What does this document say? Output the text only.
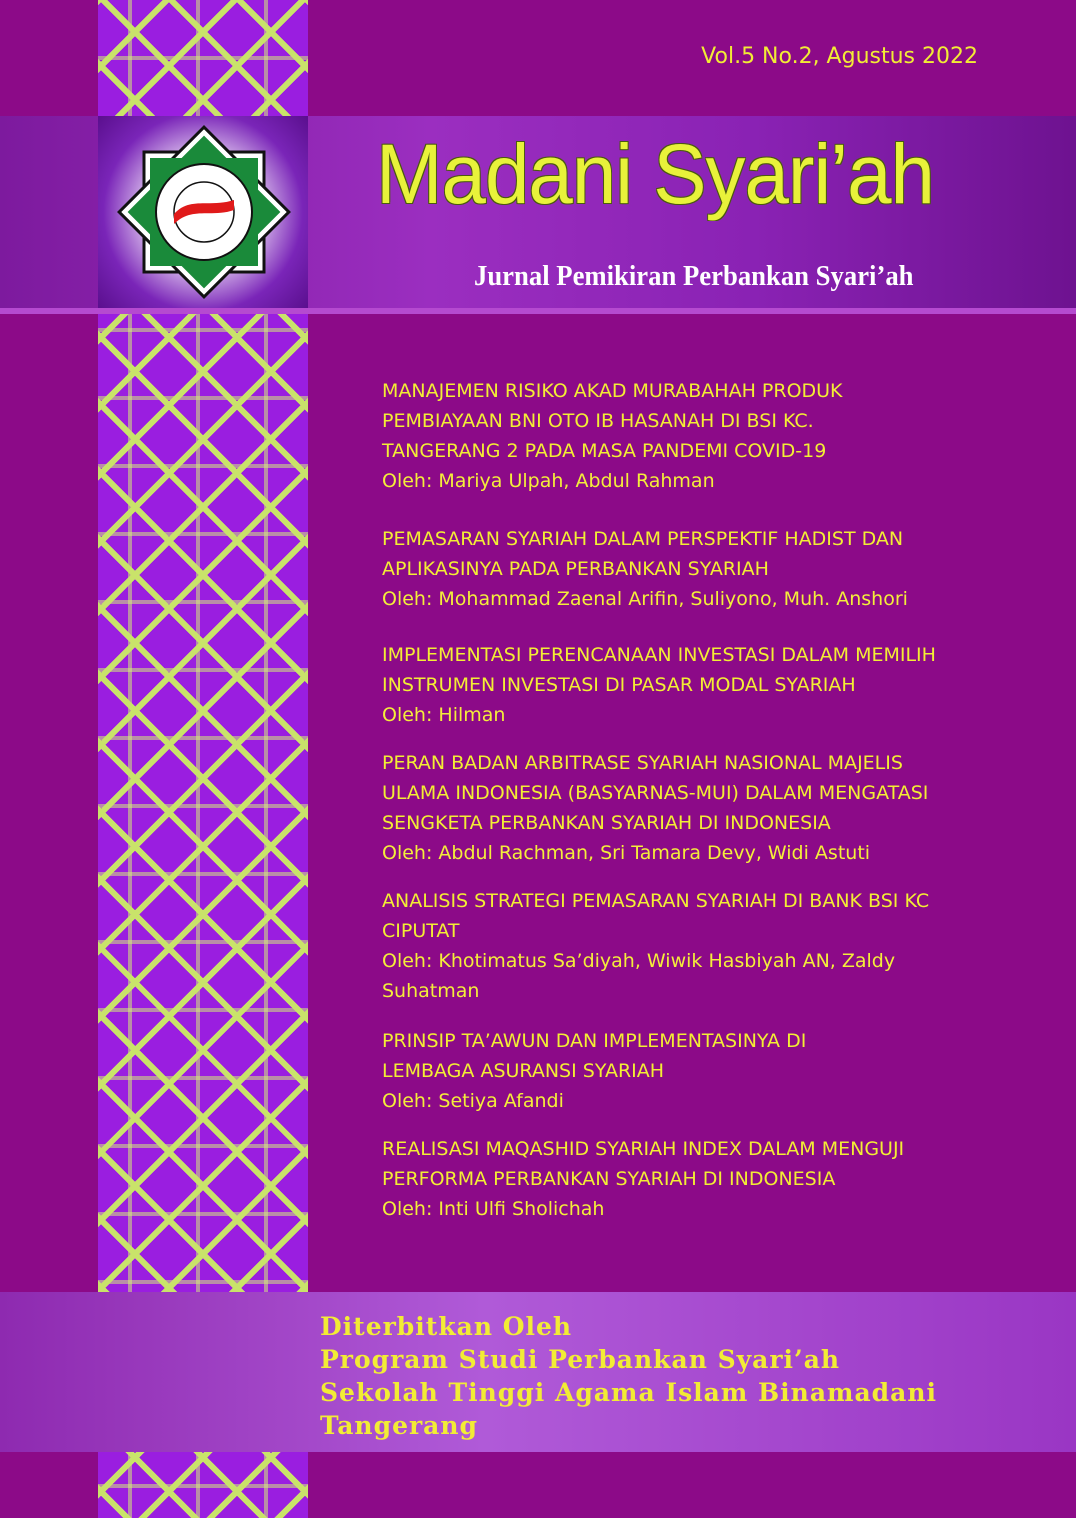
Vol.5 No.2, Agustus 2022
Madani Syari’ah
Jurnal Pemikiran Perbankan Syari’ah

MANAJEMEN RISIKO AKAD MURABAHAH PRODUK

PEMBIAYAAN BNI OTO IB HASANAH DI BSI KC.

TANGERANG 2 PADA MASA PANDEMI COVID-19

Oleh: Mariya Ulpah, Abdul Rahman

PEMASARAN SYARIAH DALAM PERSPEKTIF HADIST DAN

APLIKASINYA PADA PERBANKAN SYARIAH

Oleh: Mohammad Zaenal Arifin, Suliyono, Muh. Anshori

IMPLEMENTASI PERENCANAAN INVESTASI DALAM MEMILIH

INSTRUMEN INVESTASI DI PASAR MODAL SYARIAH

Oleh: Hilman

PERAN BADAN ARBITRASE SYARIAH NASIONAL MAJELIS

ULAMA INDONESIA (BASYARNAS-MUI) DALAM MENGATASI

SENGKETA PERBANKAN SYARIAH DI INDONESIA

Oleh: Abdul Rachman, Sri Tamara Devy, Widi Astuti

ANALISIS STRATEGI PEMASARAN SYARIAH DI BANK BSI KC

CIPUTAT

Oleh: Khotimatus Sa’diyah, Wiwik Hasbiyah AN, Zaldy

Suhatman

PRINSIP TA’AWUN DAN IMPLEMENTASINYA DI

LEMBAGA ASURANSI SYARIAH

Oleh: Setiya Afandi

REALISASI MAQASHID SYARIAH INDEX DALAM MENGUJI

PERFORMA PERBANKAN SYARIAH DI INDONESIA

Oleh: Inti Ulfi Sholichah

Diterbitkan Oleh

Program Studi Perbankan Syari’ah

Sekolah Tinggi Agama Islam Binamadani

Tangerang
